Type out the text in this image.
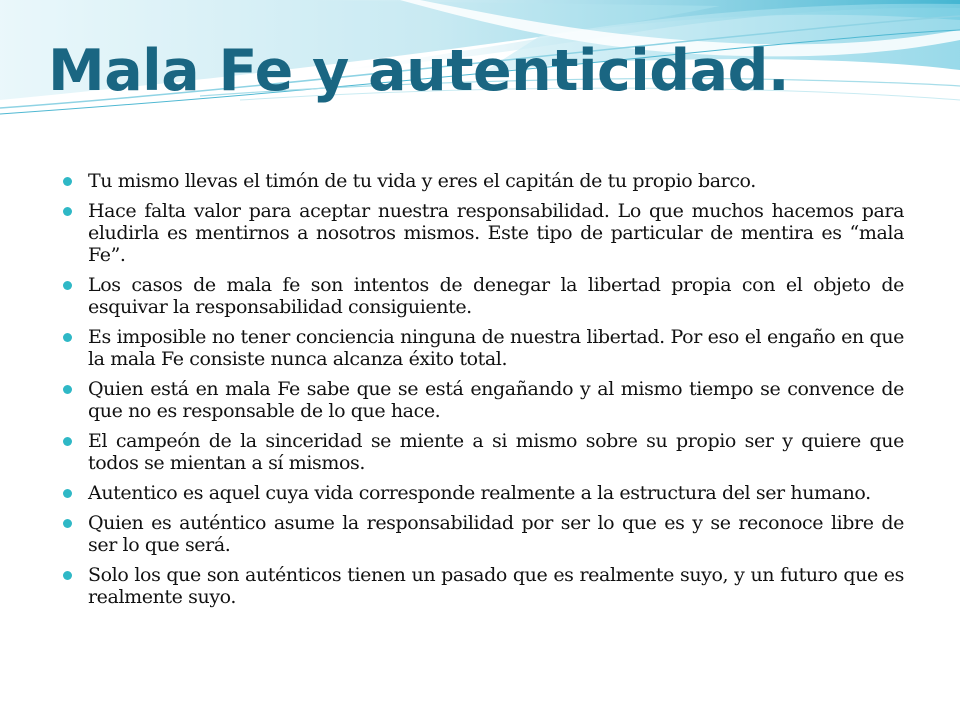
Mala Fe y autenticidad.
Tu mismo llevas el timón de tu vida y eres el capitán de tu propio barco.
Hace falta valor para aceptar nuestra responsabilidad. Lo que muchos hacemos para eludirla es mentirnos a nosotros mismos. Este tipo de particular de mentira es “mala Fe”.
Los casos de mala fe son intentos de denegar la libertad propia con el objeto de esquivar la responsabilidad consiguiente.
Es imposible no tener conciencia ninguna de nuestra libertad. Por eso el engaño en que la mala Fe consiste nunca alcanza éxito total.
Quien está en mala Fe sabe que se está engañando y al mismo tiempo se convence de que no es responsable de lo que hace.
El campeón de la sinceridad se miente a si mismo sobre su propio ser y quiere que todos se mientan a sí mismos.
Autentico es aquel cuya vida corresponde realmente a la estructura del ser humano.
Quien es auténtico asume la responsabilidad por ser lo que es y se reconoce libre de ser lo que será.
Solo los que son auténticos tienen un pasado que es realmente suyo, y un futuro que es realmente suyo.
